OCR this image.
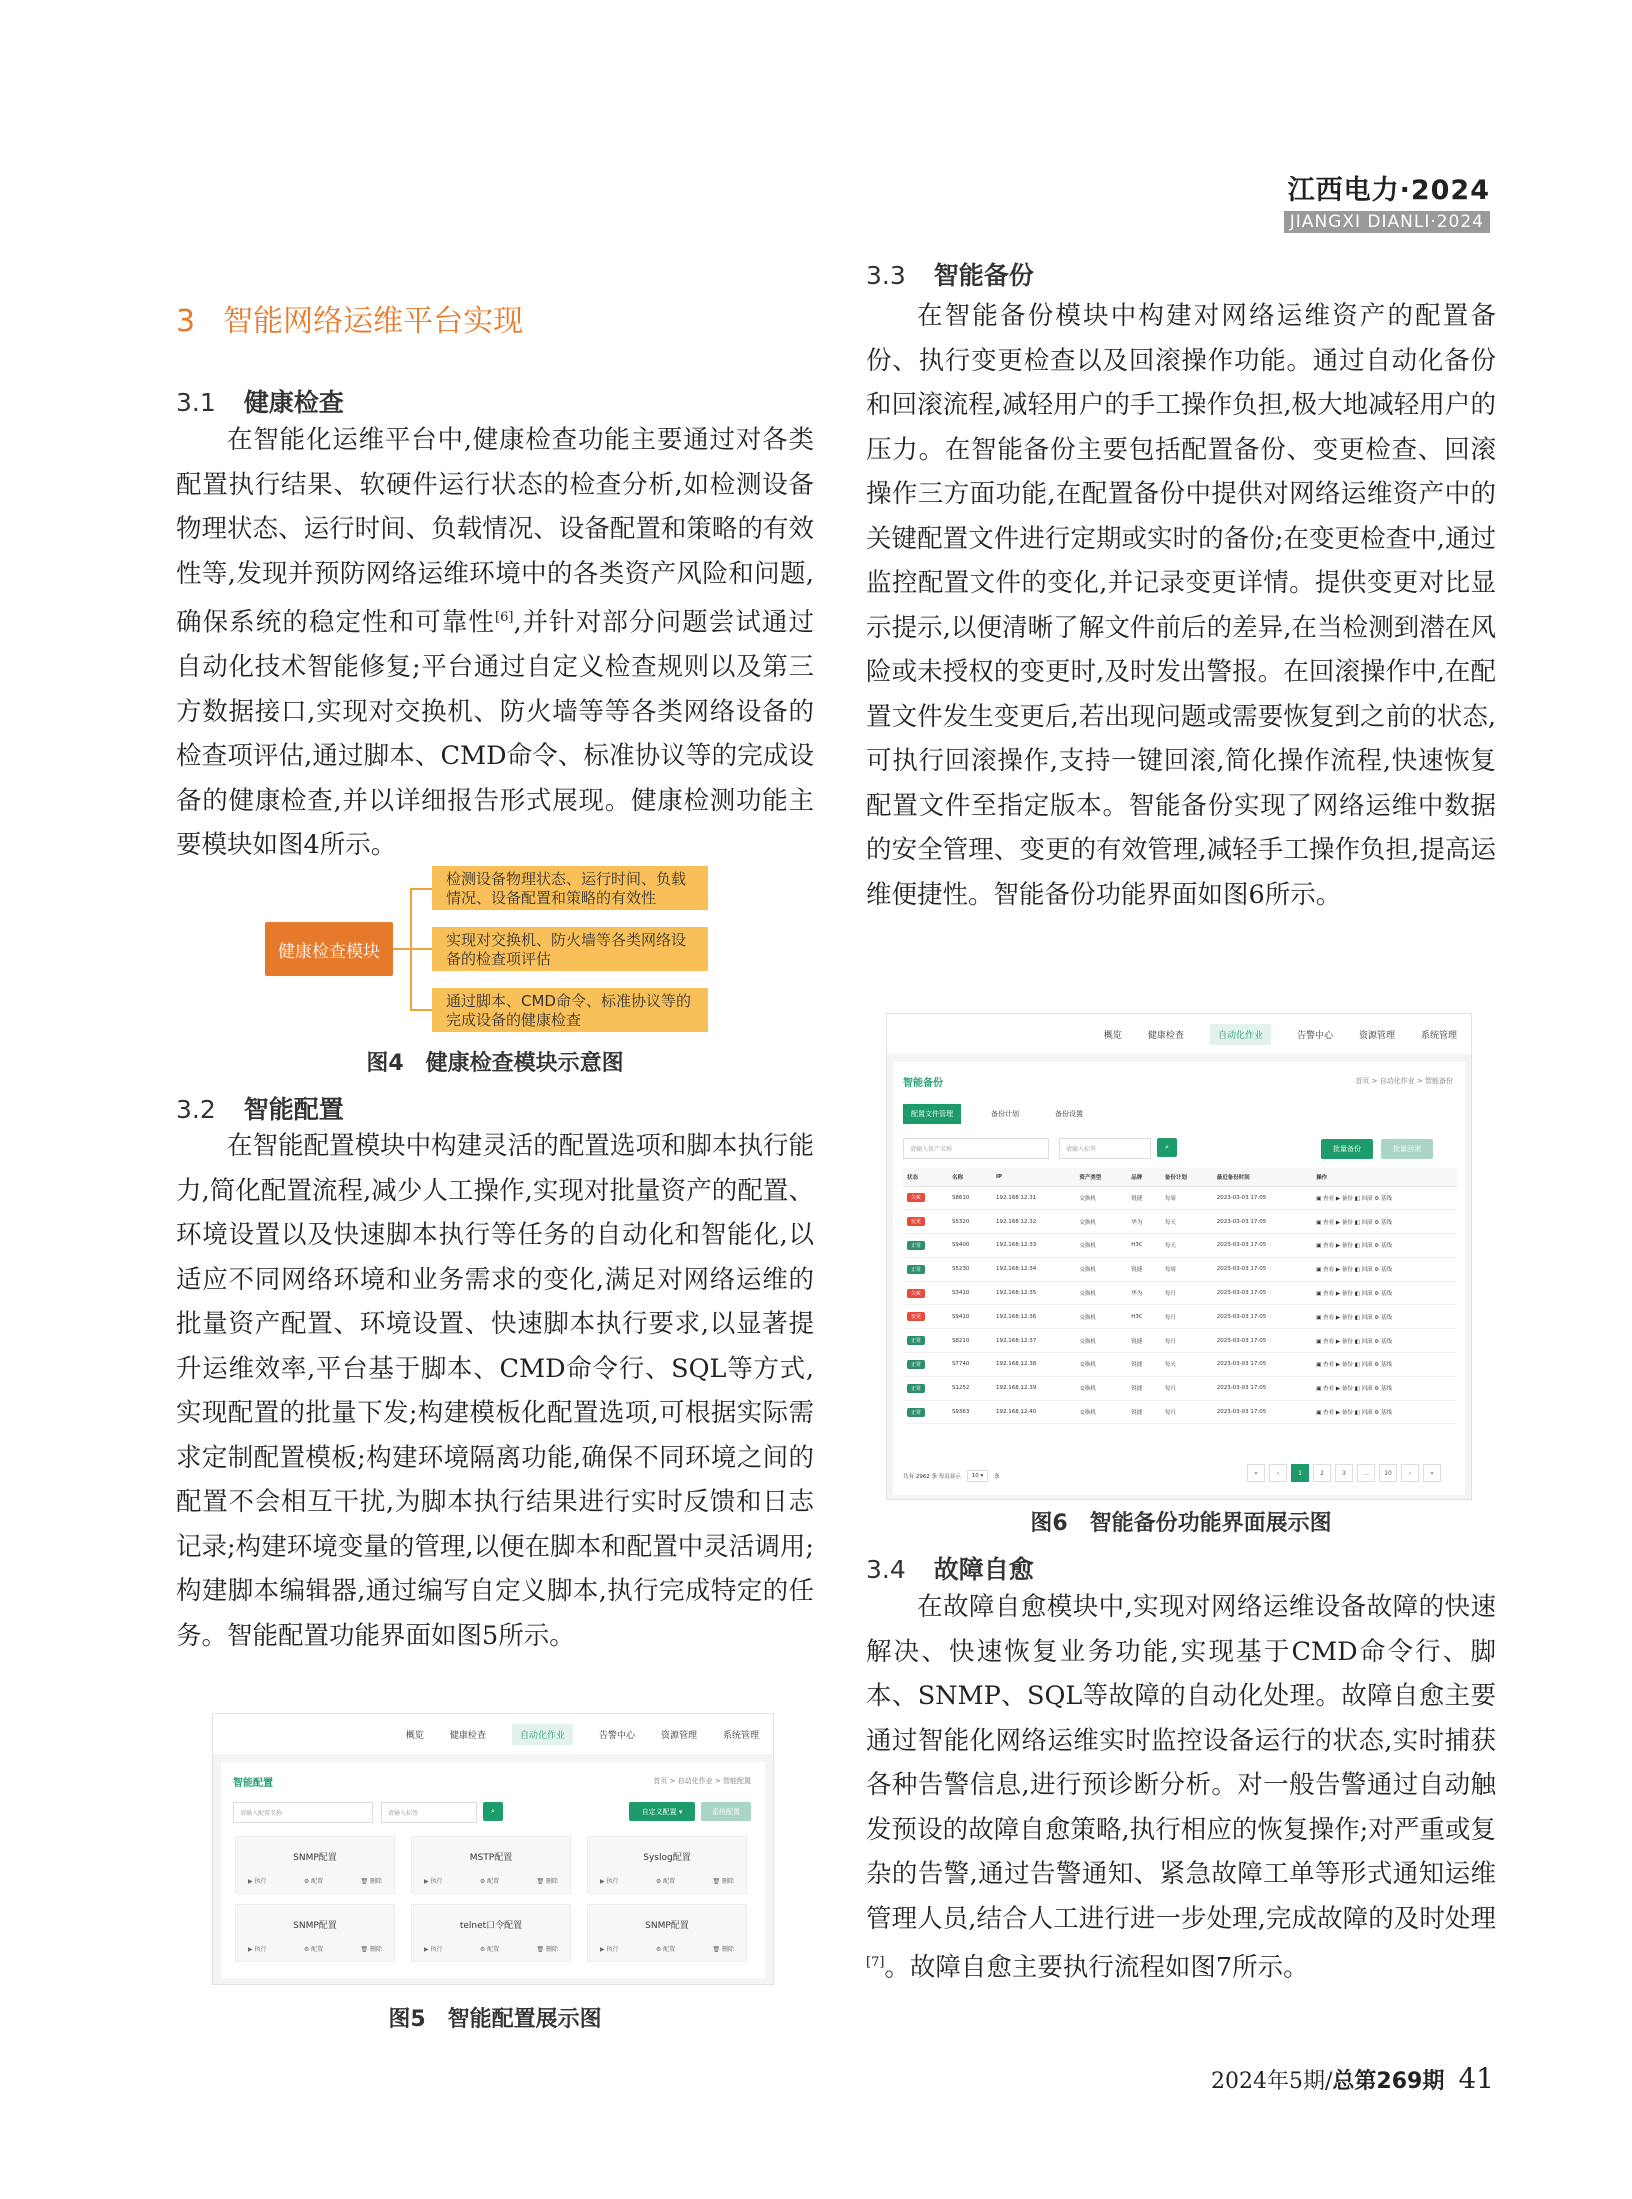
江西电力·2024
JIANGXI DIANLI·2024
3 智能网络运维平台实现
3.1 健康检查
在智能化运维平台中,健康检查功能主要通过对各类配置执行结果、软硬件运行状态的检查分析,如检测设备物理状态、运行时间、负载情况、设备配置和策略的有效性等,发现并预防网络运维环境中的各类资产风险和问题,确保系统的稳定性和可靠性[6],并针对部分问题尝试通过自动化技术智能修复;平台通过自定义检查规则以及第三方数据接口,实现对交换机、防火墙等等各类网络设备的检查项评估,通过脚本、CMD命令、标准协议等的完成设备的健康检查,并以详细报告形式展现。健康检测功能主要模块如图4所示。
健康检查模块
检测设备物理状态、运行时间、负载情况、设备配置和策略的有效性
实现对交换机、防火墙等各类网络设备的检查项评估
通过脚本、CMD命令、标准协议等的完成设备的健康检查
图4 健康检查模块示意图
3.2 智能配置
在智能配置模块中构建灵活的配置选项和脚本执行能力,简化配置流程,减少人工操作,实现对批量资产的配置、环境设置以及快速脚本执行等任务的自动化和智能化,以适应不同网络环境和业务需求的变化,满足对网络运维的批量资产配置、环境设置、快速脚本执行要求,以显著提升运维效率,平台基于脚本、CMD命令行、SQL等方式,实现配置的批量下发;构建模板化配置选项,可根据实际需求定制配置模板;构建环境隔离功能,确保不同环境之间的配置不会相互干扰,为脚本执行结果进行实时反馈和日志记录;构建环境变量的管理,以便在脚本和配置中灵活调用;构建脚本编辑器,通过编写自定义脚本,执行完成特定的任务。智能配置功能界面如图5所示。
概览	健康检查	自动化作业	告警中心	资源管理	系统管理
智能配置	首页 > 自动化作业 > 智能配置
请输入配置名称	请输入标签	⌕	自定义配置 ▾	系统配置
SNMP配置
▶ 执行	⚙ 配置	🗑 删除
MSTP配置
▶ 执行	⚙ 配置	🗑 删除
Syslog配置
▶ 执行	⚙ 配置	🗑 删除
SNMP配置
▶ 执行	⚙ 配置	🗑 删除
telnet口令配置
▶ 执行	⚙ 配置	🗑 删除
SNMP配置
▶ 执行	⚙ 配置	🗑 删除
图5 智能配置展示图
3.3 智能备份
在智能备份模块中构建对网络运维资产的配置备份、执行变更检查以及回滚操作功能。通过自动化备份和回滚流程,减轻用户的手工操作负担,极大地减轻用户的压力。在智能备份主要包括配置备份、变更检查、回滚操作三方面功能,在配置备份中提供对网络运维资产中的关键配置文件进行定期或实时的备份;在变更检查中,通过监控配置文件的变化,并记录变更详情。提供变更对比显示提示,以便清晰了解文件前后的差异,在当检测到潜在风险或未授权的变更时,及时发出警报。在回滚操作中,在配置文件发生变更后,若出现问题或需要恢复到之前的状态,可执行回滚操作,支持一键回滚,简化操作流程,快速恢复配置文件至指定版本。智能备份实现了网络运维中数据的安全管理、变更的有效管理,减轻手工操作负担,提高运维便捷性。智能备份功能界面如图6所示。
概览	健康检查	自动化作业	告警中心	资源管理	系统管理
智能备份	首页 > 自动化作业 > 智能备份
配置文件管理	备份计划	备份设置
请输入资产名称	请输入标签	⌕	批量备份	批量回滚
状态	名称	IP	资产类型	品牌	备份计划	最近备份时间	操作
失败	S8610	192.168.12.31	交换机	锐捷	每周	2023-03-03 17:05	▣ 查看 ▶ 备份 ◧ 回滚 ⚙ 基线
变更	S5320	192.168.12.32	交换机	华为	每天	2023-03-03 17:05	▣ 查看 ▶ 备份 ◧ 回滚 ⚙ 基线
正常	S9400	192.168.12.33	交换机	H3C	每天	2023-03-03 17:05	▣ 查看 ▶ 备份 ◧ 回滚 ⚙ 基线
正常	S5230	192.168.12.34	交换机	锐捷	每周	2023-03-03 17:05	▣ 查看 ▶ 备份 ◧ 回滚 ⚙ 基线
失败	S3410	192.168.12.35	交换机	华为	每月	2023-03-03 17:05	▣ 查看 ▶ 备份 ◧ 回滚 ⚙ 基线
变更	S9410	192.168.12.36	交换机	H3C	每月	2023-03-03 17:05	▣ 查看 ▶ 备份 ◧ 回滚 ⚙ 基线
正常	S8210	192.168.12.37	交换机	锐捷	每月	2023-03-03 17:05	▣ 查看 ▶ 备份 ◧ 回滚 ⚙ 基线
正常	S7740	192.168.12.38	交换机	锐捷	每天	2023-03-03 17:05	▣ 查看 ▶ 备份 ◧ 回滚 ⚙ 基线
正常	S1252	192.168.12.39	交换机	锐捷	每月	2023-03-03 17:05	▣ 查看 ▶ 备份 ◧ 回滚 ⚙ 基线
正常	S9363	192.168.12.40	交换机	锐捷	每月	2023-03-03 17:05	▣ 查看 ▶ 备份 ◧ 回滚 ⚙ 基线
共有 2962 条 每页显示	10 ▾	条
«	‹	1	2	3	…	10	›	»
图6 智能备份功能界面展示图
3.4 故障自愈
在故障自愈模块中,实现对网络运维设备故障的快速解决、快速恢复业务功能,实现基于CMD命令行、脚本、SNMP、SQL等故障的自动化处理。故障自愈主要通过智能化网络运维实时监控设备运行的状态,实时捕获各种告警信息,进行预诊断分析。对一般告警通过自动触发预设的故障自愈策略,执行相应的恢复操作;对严重或复杂的告警,通过告警通知、紧急故障工单等形式通知运维管理人员,结合人工进行进一步处理,完成故障的及时处理[7]。故障自愈主要执行流程如图7所示。
2024年5期/总第269期 41
